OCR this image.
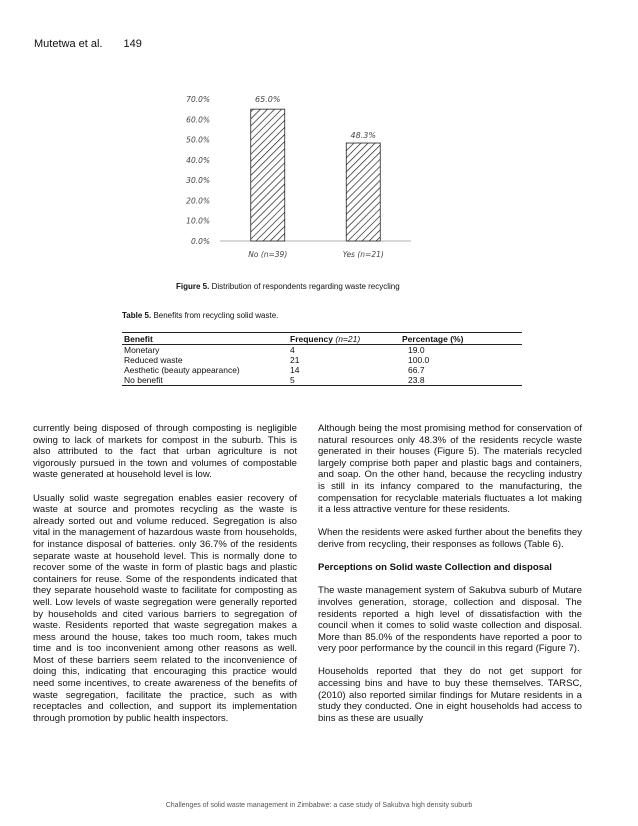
Mutetwa et al. 149
0.0%
10.0%
20.0%
30.0%
40.0%
50.0%
60.0%
70.0%	65.0%
48.3%
No (n=39)	Yes (n=21)
Figure 5. Distribution of respondents regarding waste recycling
Table 5. Benefits from recycling solid waste.
Benefit	Frequency (n=21)	Percentage (%)
Monetary	4	19.0
Reduced waste	21	100.0
Aesthetic (beauty appearance)	14	66.7
No benefit	5	23.8

currently being disposed of through composting is negligible owing to lack of markets for compost in the suburb. This is also attributed to the fact that urban agriculture is not vigorously pursued in the town and volumes of compostable waste generated at household level is low.

Usually solid waste segregation enables easier recovery of waste at source and promotes recycling as the waste is already sorted out and volume reduced. Segregation is also vital in the management of hazardous waste from households, for instance disposal of batteries. only 36.7% of the residents separate waste at household level. This is normally done to recover some of the waste in form of plastic bags and plastic containers for reuse. Some of the respondents indicated that they separate household waste to facilitate for composting as well. Low levels of waste segregation were generally reported by households and cited various barriers to segregation of waste. Residents reported that waste segregation makes a mess around the house, takes too much room, takes much time and is too inconvenient among other reasons as well. Most of these barriers seem related to the inconvenience of doing this, indicating that encouraging this practice would need some incentives, to create awareness of the benefits of waste segregation, facilitate the practice, such as with receptacles and collection, and support its implementation through promotion by public health inspectors.

Although being the most promising method for conservation of natural resources only 48.3% of the residents recycle waste generated in their houses (Figure 5). The materials recycled largely comprise both paper and plastic bags and containers, and soap. On the other hand, because the recycling industry is still in its infancy compared to the manufacturing, the compensation for recyclable materials fluctuates a lot making it a less attractive venture for these residents.

When the residents were asked further about the benefits they derive from recycling, their responses as follows (Table 6).

Perceptions on Solid waste Collection and disposal

The waste management system of Sakubva suburb of Mutare involves generation, storage, collection and disposal. The residents reported a high level of dissatisfaction with the council when it comes to solid waste collection and disposal. More than 85.0% of the respondents have reported a poor to very poor performance by the council in this regard (Figure 7).

Households reported that they do not get support for accessing bins and have to buy these themselves. TARSC, (2010) also reported similar findings for Mutare residents in a study they conducted. One in eight households had access to bins as these are usually

Challenges of solid waste management in Zimbabwe: a case study of Sakubva high density suburb
